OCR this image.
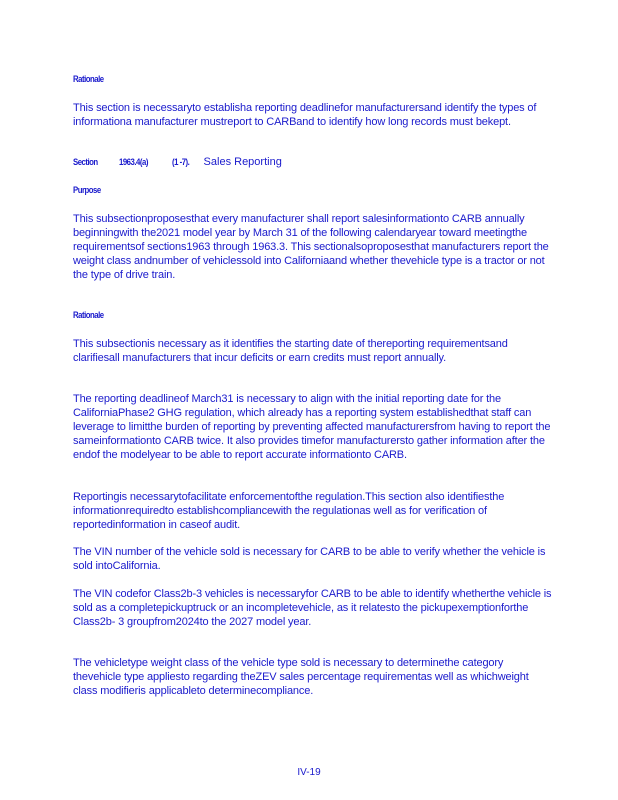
Rationale
This section is necessaryto establisha reporting deadlinefor manufacturersand identify the types of informationa manufacturer mustreport to CARBand to identify how long records must bekept.
Section 1963.4(a)	(1 -7). Sales Reporting
Purpose
This subsectionproposesthat every manufacturer shall report salesinformationto CARB annually beginningwith the2021 model year by March 31 of the following calendaryear toward meetingthe requirementsof sections1963 through 1963.3. This sectionalsoproposesthat manufacturers report the weight class andnumber of vehiclessold into Californiaand whether thevehicle type is a tractor or not the type of drive train.
Rationale
This subsectionis necessary as it identifies the starting date of thereporting requirementsand clarifiesall manufacturers that incur deficits or earn credits must report annually.
The reporting deadlineof March31 is necessary to align with the initial reporting date for the CaliforniaPhase2 GHG regulation, which already has a reporting system establishedthat staff can leverage to limitthe burden of reporting by preventing affected manufacturersfrom having to report the sameinformationto CARB twice. It also provides timefor manufacturersto gather information after the endof the modelyear to be able to report accurate informationto CARB.
Reportingis necessarytofacilitate enforcementofthe regulation.This section also identifiesthe informationrequiredto establishcompliancewith the regulationas well as for verification of reportedinformation in caseof audit.
The VIN number of the vehicle sold is necessary for CARB to be able to verify whether the vehicle is sold intoCalifornia.
The VIN codefor Class2b-3 vehicles is necessaryfor CARB to be able to identify whetherthe vehicle is sold as a completepickuptruck or an incompletevehicle, as it relatesto the pickupexemptionforthe Class2b- 3 groupfrom2024to the 2027 model year.
The vehicletype weight class of the vehicle type sold is necessary to determinethe category thevehicle type appliesto regarding theZEV sales percentage requirementas well as whichweight class modifieris applicableto determinecompliance.
IV-19
